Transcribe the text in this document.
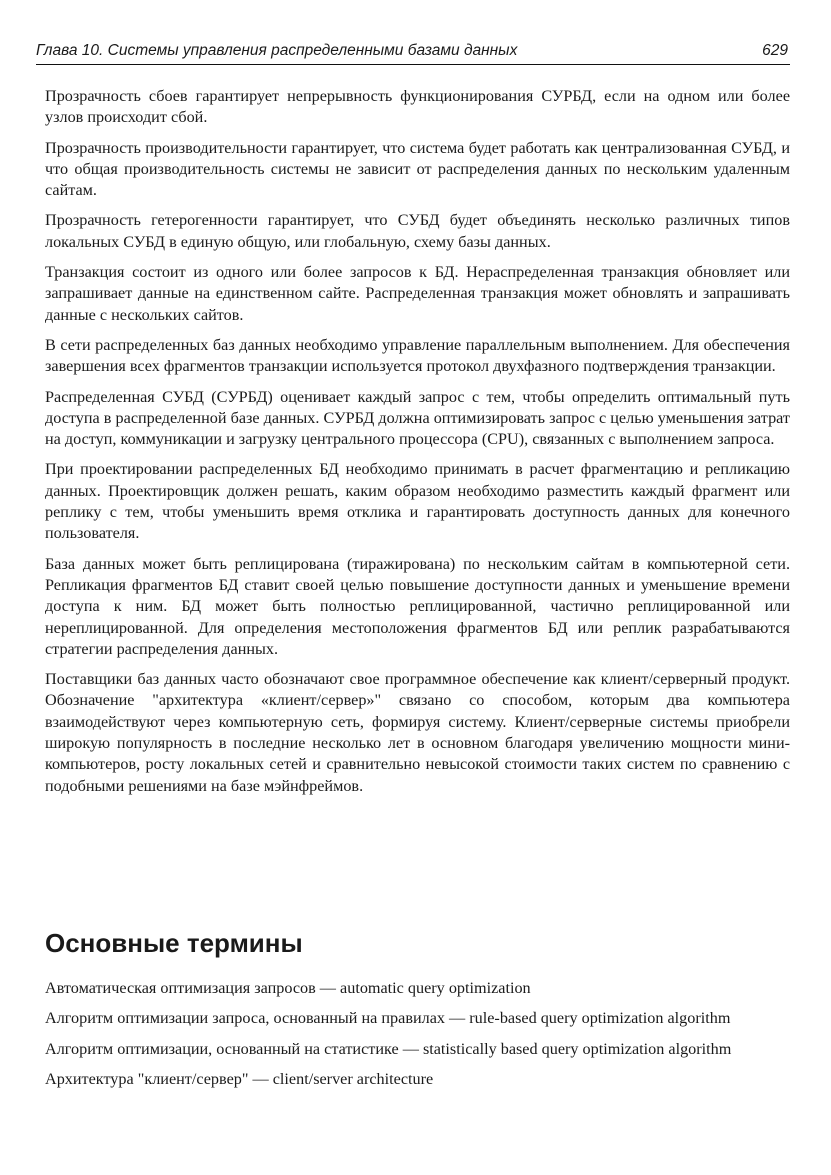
Глава 10. Системы управления распределенными базами данных	629

Прозрачность сбоев гарантирует непрерывность функционирования СУРБД, если на одном или более узлов происходит сбой.

Прозрачность производительности гарантирует, что система будет работать как централизованная СУБД, и что общая производительность системы не зависит от распределения данных по нескольким удаленным сайтам.

Прозрачность гетерогенности гарантирует, что СУБД будет объединять несколько различных типов локальных СУБД в единую общую, или глобальную, схему базы данных.

Транзакция состоит из одного или более запросов к БД. Нераспределенная транзакция обновляет или запрашивает данные на единственном сайте. Распределенная транзакция может обновлять и запрашивать данные с нескольких сайтов.

В сети распределенных баз данных необходимо управление параллельным выполнением. Для обеспечения завершения всех фрагментов транзакции используется протокол двухфазного подтверждения транзакции.

Распределенная СУБД (СУРБД) оценивает каждый запрос с тем, чтобы определить оптимальный путь доступа в распределенной базе данных. СУРБД должна оптимизировать запрос с целью уменьшения затрат на доступ, коммуникации и загрузку центрального процессора (CPU), связанных с выполнением запроса.

При проектировании распределенных БД необходимо принимать в расчет фрагментацию и репликацию данных. Проектировщик должен решать, каким образом необходимо разместить каждый фрагмент или реплику с тем, чтобы уменьшить время отклика и гарантировать доступность данных для конечного пользователя.

База данных может быть реплицирована (тиражирована) по нескольким сайтам в компьютерной сети. Репликация фрагментов БД ставит своей целью повышение доступности данных и уменьшение времени доступа к ним. БД может быть полностью реплицированной, частично реплицированной или нереплицированной. Для определения местоположения фрагментов БД или реплик разрабатываются стратегии распределения данных.

Поставщики баз данных часто обозначают свое программное обеспечение как клиент/серверный продукт. Обозначение "архитектура «клиент/сервер»" связано со способом, которым два компьютера взаимодействуют через компьютерную сеть, формируя систему. Клиент/серверные системы приобрели широкую популярность в последние несколько лет в основном благодаря увеличению мощности мини-компьютеров, росту локальных сетей и сравнительно невысокой стоимости таких систем по сравнению с подобными решениями на базе мэйнфреймов.

Основные термины
Автоматическая оптимизация запросов — automatic query optimization
Алгоритм оптимизации запроса, основанный на правилах — rule-based query optimization algorithm
Алгоритм оптимизации, основанный на статистике — statistically based query optimization algorithm
Архитектура "клиент/сервер" — client/server architecture
